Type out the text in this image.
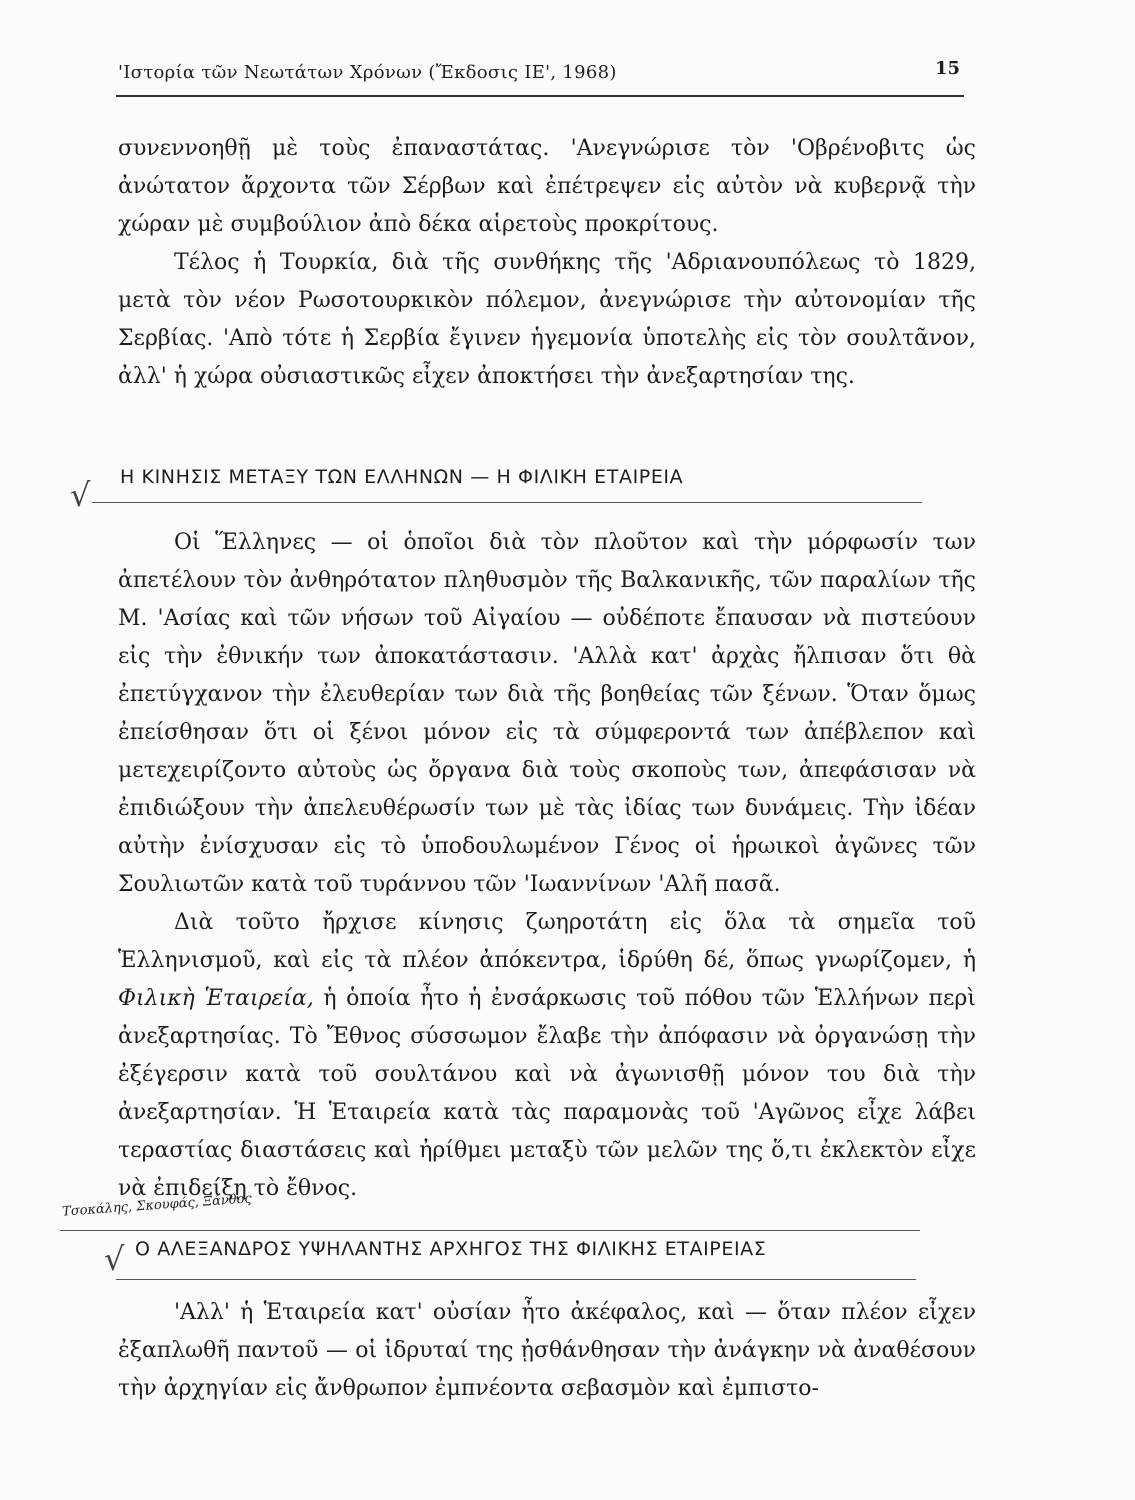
'Ιστορία τῶν Νεωτάτων Χρόνων (Ἔκδοσις ΙΕ', 1968)	15

συνεννοηθῇ μὲ τοὺς ἐπαναστάτας. 'Ανεγνώρισε τὸν 'Οβρένοβιτς ὡς ἀνώτατον ἄρχοντα τῶν Σέρβων καὶ ἐπέτρεψεν εἰς αὐτὸν νὰ κυβερνᾷ τὴν χώραν μὲ συμβούλιον ἀπὸ δέκα αἱρετοὺς προκρίτους.

Τέλος ἡ Τουρκία, διὰ τῆς συνθήκης τῆς 'Αδριανουπόλεως τὸ 1829, μετὰ τὸν νέον Ρωσοτουρκικὸν πόλεμον, ἀνεγνώρισε τὴν αὐτονομίαν τῆς Σερβίας. 'Απὸ τότε ἡ Σερβία ἔγινεν ἡγεμονία ὑποτελὴς εἰς τὸν σουλτᾶνον, ἀλλ' ἡ χώρα οὐσιαστικῶς εἶχεν ἀποκτήσει τὴν ἀνεξαρτησίαν της.

√ Η ΚΙΝΗΣΙΣ ΜΕΤΑΞΥ ΤΩΝ ΕΛΛΗΝΩΝ — Η ΦΙΛΙΚΗ ΕΤΑΙΡΕΙΑ

Οἱ Ἕλληνες — οἱ ὁποῖοι διὰ τὸν πλοῦτον καὶ τὴν μόρφωσίν των ἀπετέλουν τὸν ἀνθηρότατον πληθυσμὸν τῆς Βαλκανικῆς, τῶν παραλίων τῆς Μ. 'Ασίας καὶ τῶν νήσων τοῦ Αἰγαίου — οὐδέποτε ἔπαυσαν νὰ πιστεύουν εἰς τὴν ἐθνικήν των ἀποκατάστασιν. 'Αλλὰ κατ' ἀρχὰς ἤλπισαν ὅτι θὰ ἐπετύγχανον τὴν ἐλευθερίαν των διὰ τῆς βοηθείας τῶν ξένων. Ὅταν ὅμως ἐπείσθησαν ὅτι οἱ ξένοι μόνον εἰς τὰ σύμφεροντά των ἀπέβλεπον καὶ μετεχειρίζοντο αὐτοὺς ὡς ὄργανα διὰ τοὺς σκοποὺς των, ἀπεφάσισαν νὰ ἐπιδιώξουν τὴν ἀπελευθέρωσίν των μὲ τὰς ἰδίας των δυνάμεις. Τὴν ἰδέαν αὐτὴν ἐνίσχυσαν εἰς τὸ ὑποδουλωμένον Γένος οἱ ἡρωικοὶ ἀγῶνες τῶν Σουλιωτῶν κατὰ τοῦ τυράννου τῶν 'Ιωαννίνων 'Αλῆ πασᾶ.

Διὰ τοῦτο ἤρχισε κίνησις ζωηροτάτη εἰς ὅλα τὰ σημεῖα τοῦ Ἑλληνισμοῦ, καὶ εἰς τὰ πλέον ἀπόκεντρα, ἱδρύθη δέ, ὅπως γνωρίζομεν, ἡ Φιλικὴ Ἑταιρεία, ἡ ὁποία ἦτο ἡ ἐνσάρκωσις τοῦ πόθου τῶν Ἑλλήνων περὶ ἀνεξαρτησίας. Τὸ Ἔθνος σύσσωμον ἔλαβε τὴν ἀπόφασιν νὰ ὀργανώσῃ τὴν ἐξέγερσιν κατὰ τοῦ σουλτάνου καὶ νὰ ἀγωνισθῇ μόνον του διὰ τὴν ἀνεξαρτησίαν. Ἡ Ἑταιρεία κατὰ τὰς παραμονὰς τοῦ 'Αγῶνος εἶχε λάβει τεραστίας διαστάσεις καὶ ἠρίθμει μεταξὺ τῶν μελῶν της ὅ,τι ἐκλεκτὸν εἶχε νὰ ἐπιδείξῃ τὸ ἔθνος.

Τσοκάλης, Σκουφάς, Ξάνθος
√ Ο ΑΛΕΞΑΝΔΡΟΣ ΥΨΗΛΑΝΤΗΣ ΑΡΧΗΓΟΣ ΤΗΣ ΦΙΛΙΚΗΣ ΕΤΑΙΡΕΙΑΣ

'Αλλ' ἡ Ἑταιρεία κατ' οὐσίαν ἦτο ἀκέφαλος, καὶ — ὅταν πλέον εἶχεν ἐξαπλωθῆ παντοῦ — οἱ ἱδρυταί της ᾐσθάνθησαν τὴν ἀνάγκην νὰ ἀναθέσουν τὴν ἀρχηγίαν εἰς ἄνθρωπον ἐμπνέοντα σεβασμὸν καὶ ἐμπιστο-
